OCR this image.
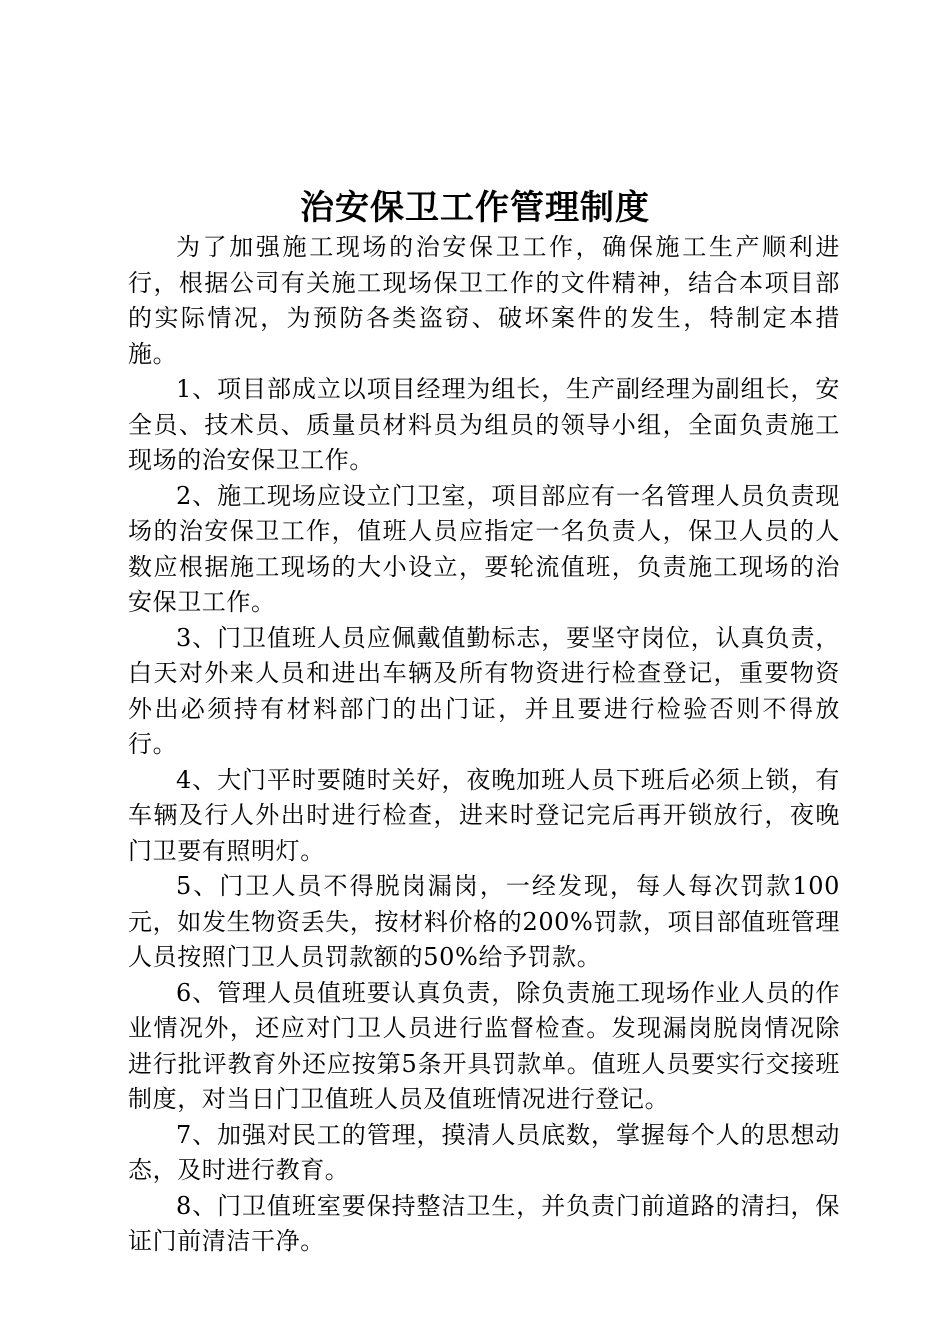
治安保卫工作管理制度

为了加强施工现场的治安保卫工作，确保施工生产顺利进行，根据公司有关施工现场保卫工作的文件精神，结合本项目部的实际情况，为预防各类盗窃、破坏案件的发生，特制定本措施。

1、项目部成立以项目经理为组长，生产副经理为副组长，安全员、技术员、质量员材料员为组员的领导小组，全面负责施工现场的治安保卫工作。

2、施工现场应设立门卫室，项目部应有一名管理人员负责现场的治安保卫工作，值班人员应指定一名负责人，保卫人员的人数应根据施工现场的大小设立，要轮流值班，负责施工现场的治安保卫工作。

3、门卫值班人员应佩戴值勤标志，要坚守岗位，认真负责，白天对外来人员和进出车辆及所有物资进行检查登记，重要物资外出必须持有材料部门的出门证，并且要进行检验否则不得放行。

4、大门平时要随时关好，夜晚加班人员下班后必须上锁，有车辆及行人外出时进行检查，进来时登记完后再开锁放行，夜晚门卫要有照明灯。

5、门卫人员不得脱岗漏岗，一经发现，每人每次罚款100元，如发生物资丢失，按材料价格的200%罚款，项目部值班管理人员按照门卫人员罚款额的50%给予罚款。

6、管理人员值班要认真负责，除负责施工现场作业人员的作业情况外，还应对门卫人员进行监督检查。发现漏岗脱岗情况除进行批评教育外还应按第5条开具罚款单。值班人员要实行交接班制度，对当日门卫值班人员及值班情况进行登记。

7、加强对民工的管理，摸清人员底数，掌握每个人的思想动态，及时进行教育。

8、门卫值班室要保持整洁卫生，并负责门前道路的清扫，保证门前清洁干净。
